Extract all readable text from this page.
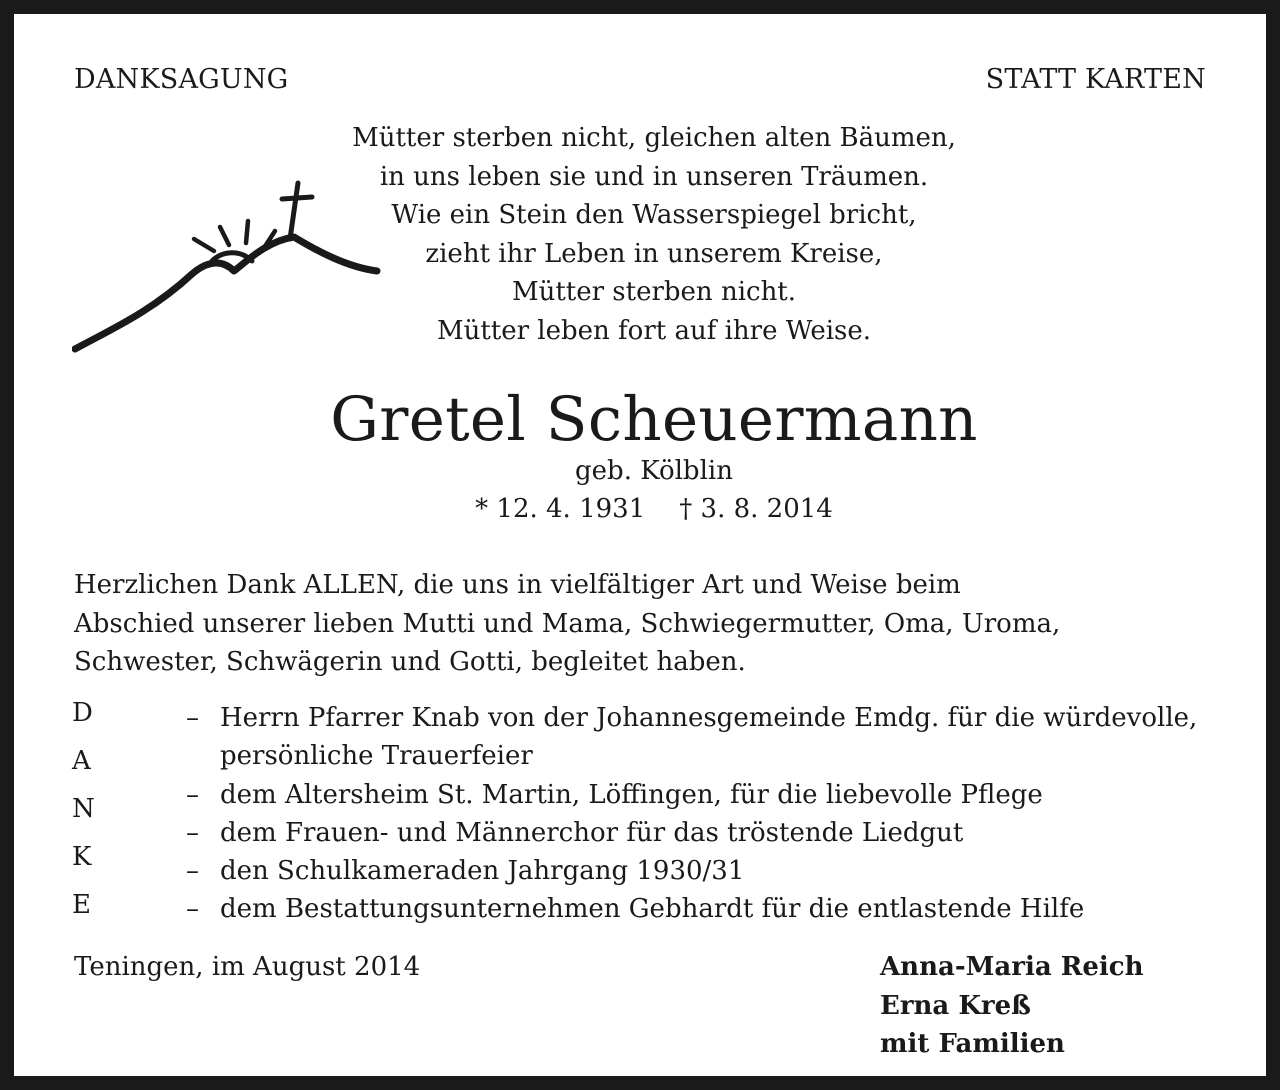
DANKSAGUNG	STATT KARTEN
Mütter sterben nicht, gleichen alten Bäumen,
in uns leben sie und in unseren Träumen.
Wie ein Stein den Wasserspiegel bricht,
zieht ihr Leben in unserem Kreise,
Mütter sterben nicht.
Mütter leben fort auf ihre Weise.
Gretel Scheuermann
geb. Kölblin
* 12. 4. 1931 † 3. 8. 2014
Herzlichen Dank ALLEN, die uns in vielfältiger Art und Weise beim
Abschied unserer lieben Mutti und Mama, Schwiegermutter, Oma, Uroma,
Schwester, Schwägerin und Gotti, begleitet haben.
D
A
N
K
E
– Herrn Pfarrer Knab von der Johannesgemeinde Emdg. für die würdevolle,
persönliche Trauerfeier
– dem Altersheim St. Martin, Löffingen, für die liebevolle Pflege
– dem Frauen- und Männerchor für das tröstende Liedgut
– den Schulkameraden Jahrgang 1930/31
– dem Bestattungsunternehmen Gebhardt für die entlastende Hilfe
Teningen, im August 2014	Anna-Maria Reich
Erna Kreß
mit Familien
